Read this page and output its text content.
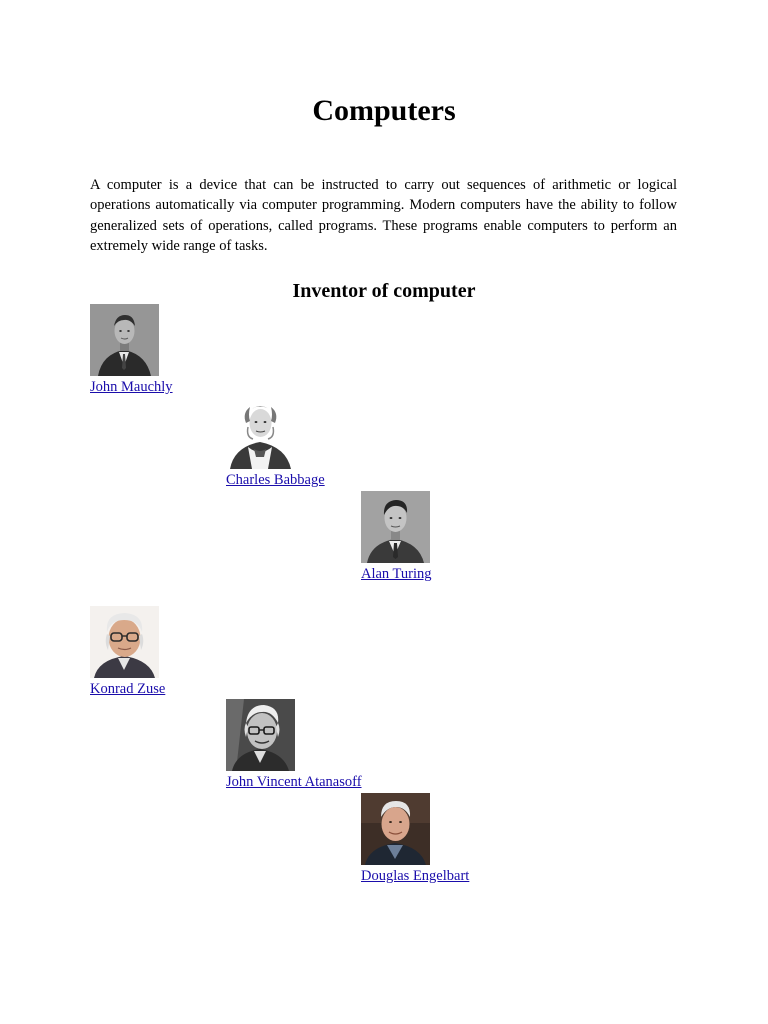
Computers

A computer is a device that can be instructed to carry out sequences of arithmetic or logical operations automatically via computer programming. Modern computers have the ability to follow generalized sets of operations, called programs. These programs enable computers to perform an extremely wide range of tasks.

Inventor of computer
John Mauchly
Charles Babbage
Alan Turing
Konrad Zuse
John Vincent Atanasoff
Douglas Engelbart
